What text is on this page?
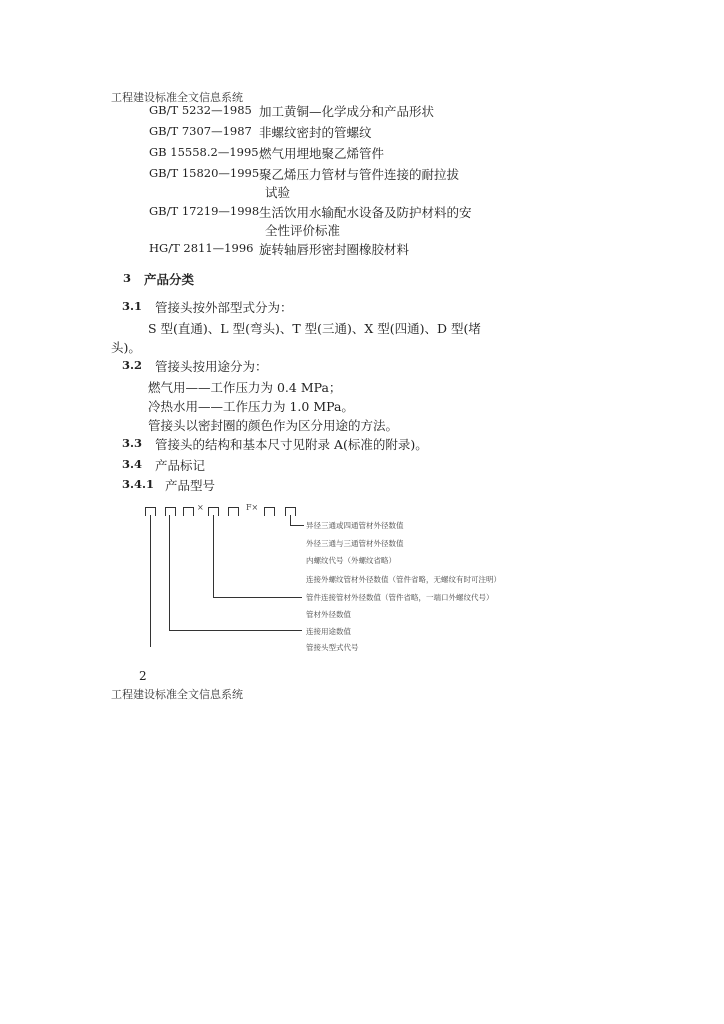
工程建设标准全文信息系统
工程建设标准全文信息系统
GB/T 5232—1985 加工黄铜—化学成分和产品形状
GB/T 7307—1987 非螺纹密封的管螺纹
GB 15558.2—1995 燃气用埋地聚乙烯管件
GB/T 15820—1995 聚乙烯压力管材与管件连接的耐拉拔
试验
GB/T 17219—1998 生活饮用水输配水设备及防护材料的安
全性评价标准
HG/T 2811—1996 旋转轴唇形密封圈橡胶材料
3 产品分类
3.1 管接头按外部型式分为：
S 型(直通)、L 型(弯头)、T 型(三通)、X 型(四通)、D 型(堵
头)。
3.2 管接头按用途分为：
燃气用——工作压力为 0.4 MPa；
冷热水用——工作压力为 1.0 MPa。
管接头以密封圈的颜色作为区分用途的方法。
3.3 管接头的结构和基本尺寸见附录 A(标准的附录)。
3.4 产品标记
3.4.1 产品型号
×	F×
异径三通或四通管材外径数值
外径三通与三通管材外径数值
内螺纹代号（外螺纹省略）
连接外螺纹管材外径数值（管件省略，无螺纹有时可注明）
管件连接管材外径数值（管件省略，一端口外螺纹代号）
管材外径数值
连接用途数值
管接头型式代号
2
